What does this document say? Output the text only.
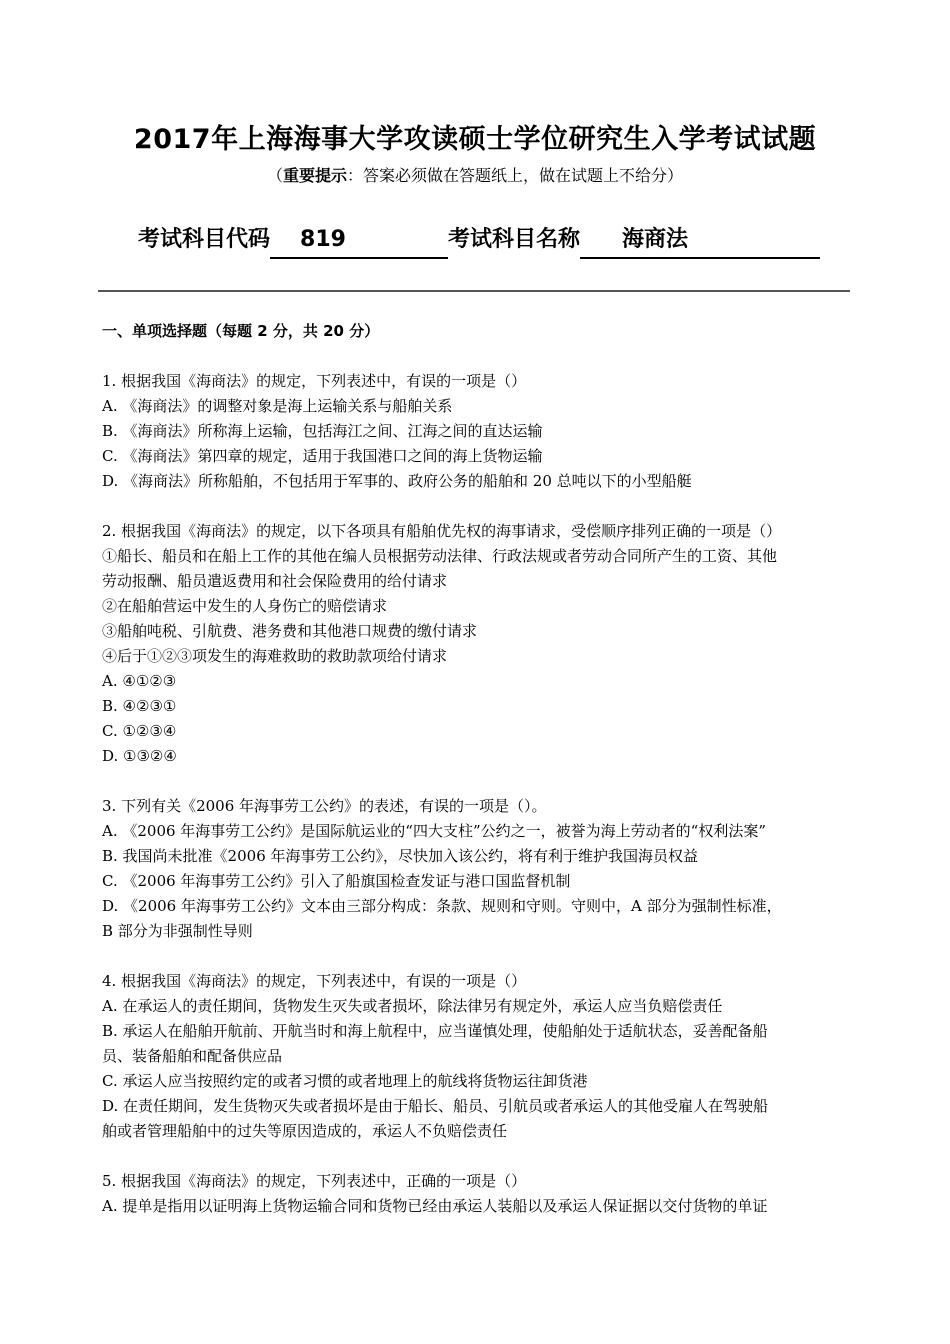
2017年上海海事大学攻读硕士学位研究生入学考试试题
（重要提示：答案必须做在答题纸上，做在试题上不给分）
考试科目代码 819	考试科目名称 海商法
一、单项选择题（每题 2 分，共 20 分）
1. 根据我国《海商法》的规定，下列表述中，有误的一项是（）
A. 《海商法》的调整对象是海上运输关系与船舶关系
B. 《海商法》所称海上运输，包括海江之间、江海之间的直达运输
C. 《海商法》第四章的规定，适用于我国港口之间的海上货物运输
D. 《海商法》所称船舶，不包括用于军事的、政府公务的船舶和 20 总吨以下的小型船艇
2. 根据我国《海商法》的规定，以下各项具有船舶优先权的海事请求，受偿顺序排列正确的一项是（）
①船长、船员和在船上工作的其他在编人员根据劳动法律、行政法规或者劳动合同所产生的工资、其他
劳动报酬、船员遣返费用和社会保险费用的给付请求
②在船舶营运中发生的人身伤亡的赔偿请求
③船舶吨税、引航费、港务费和其他港口规费的缴付请求
④后于①②③项发生的海难救助的救助款项给付请求
A. ④①②③
B. ④②③①
C. ①②③④
D. ①③②④
3. 下列有关《2006 年海事劳工公约》的表述，有误的一项是（）。
A. 《2006 年海事劳工公约》是国际航运业的“四大支柱”公约之一，被誉为海上劳动者的“权利法案”
B. 我国尚未批准《2006 年海事劳工公约》，尽快加入该公约，将有利于维护我国海员权益
C. 《2006 年海事劳工公约》引入了船旗国检查发证与港口国监督机制
D. 《2006 年海事劳工公约》文本由三部分构成：条款、规则和守则。守则中，A 部分为强制性标准，
B 部分为非强制性导则
4. 根据我国《海商法》的规定，下列表述中，有误的一项是（）
A. 在承运人的责任期间，货物发生灭失或者损坏，除法律另有规定外，承运人应当负赔偿责任
B. 承运人在船舶开航前、开航当时和海上航程中，应当谨慎处理，使船舶处于适航状态，妥善配备船
员、装备船舶和配备供应品
C. 承运人应当按照约定的或者习惯的或者地理上的航线将货物运往卸货港
D. 在责任期间，发生货物灭失或者损坏是由于船长、船员、引航员或者承运人的其他受雇人在驾驶船
舶或者管理船舶中的过失等原因造成的，承运人不负赔偿责任
5. 根据我国《海商法》的规定，下列表述中，正确的一项是（）
A. 提单是指用以证明海上货物运输合同和货物已经由承运人装船以及承运人保证据以交付货物的单证
